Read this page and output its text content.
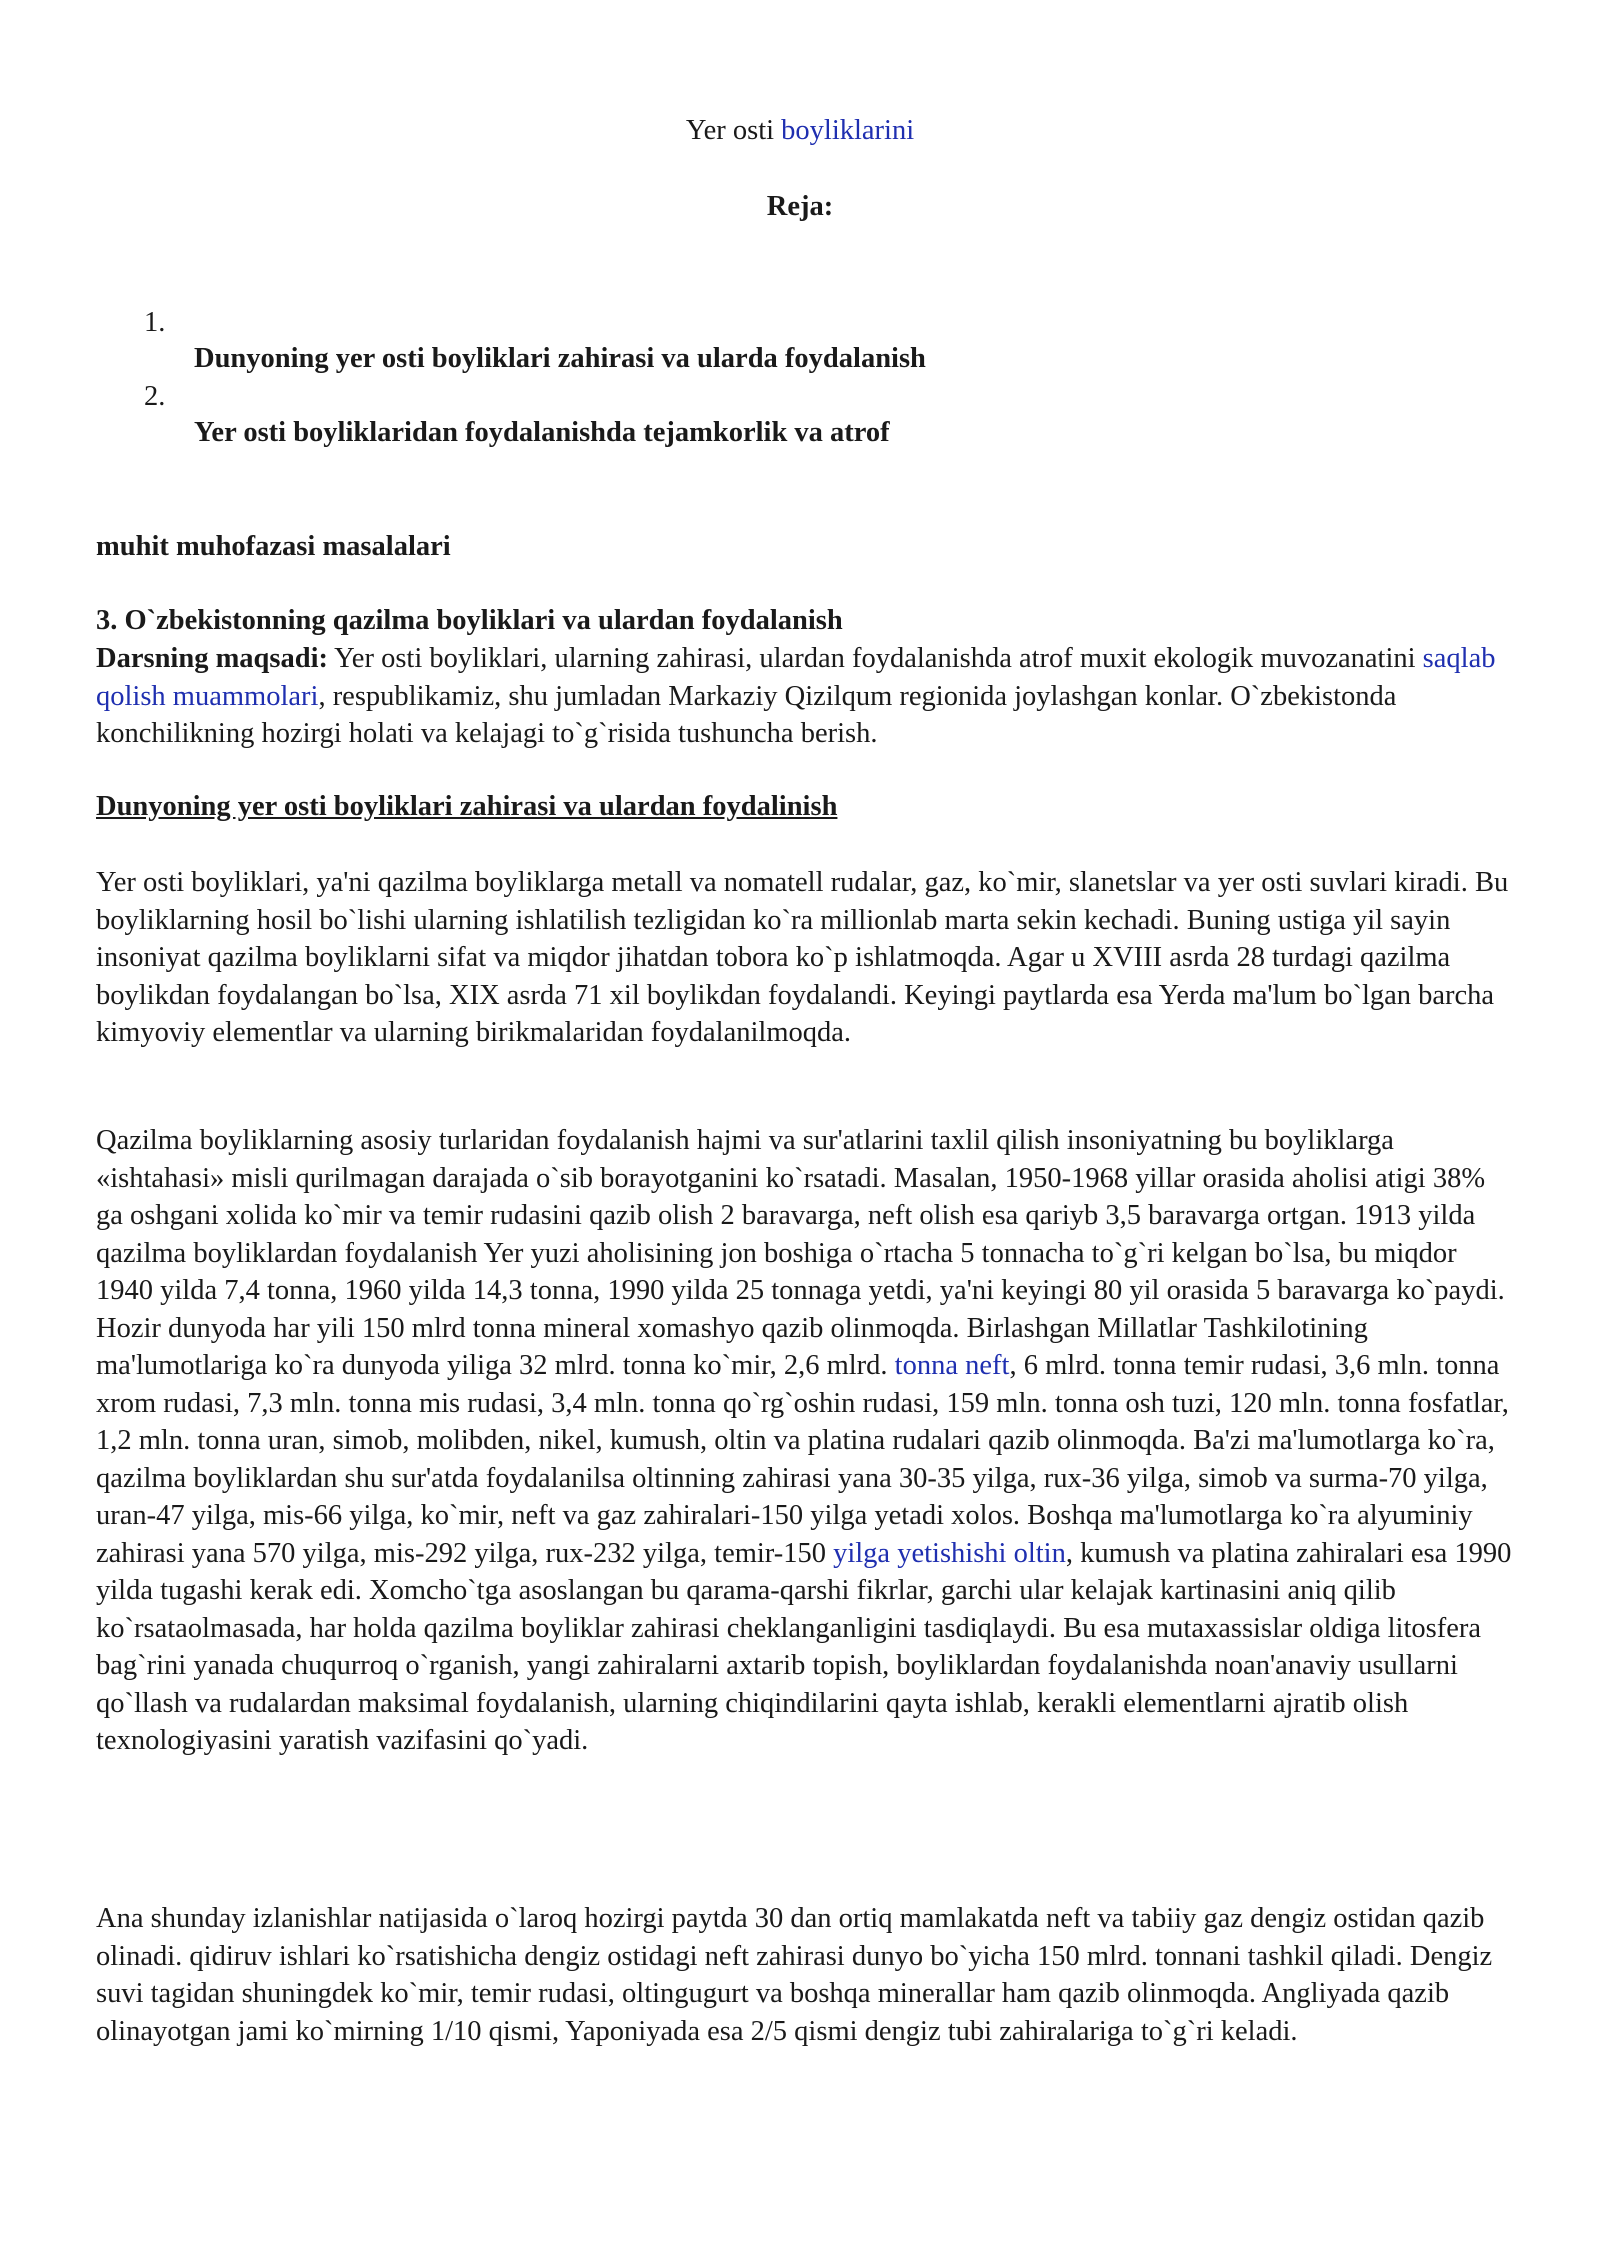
Yer osti boyliklarini
Reja:
1.
Dunyoning yer osti boyliklari zahirasi va ularda foydalanish
2.
Yer osti boyliklaridan foydalanishda tejamkorlik va atrof
muhit muhofazasi masalalari
3. O`zbekistonning qazilma boyliklari va ulardan foydalanish
Darsning maqsadi: Yer osti boyliklari, ularning zahirasi, ulardan foydalanishda atrof muxit ekologik muvozanatini saqlab qolish muammolari, respublikamiz, shu jumladan Markaziy Qizilqum regionida joylashgan konlar. O`zbekistonda konchilikning hozirgi holati va kelajagi to`g`risida tushuncha berish.
Dunyoning yer osti boyliklari zahirasi va ulardan foydalinish
Yer osti boyliklari, ya'ni qazilma boyliklarga metall va nomatell rudalar, gaz, ko`mir, slanetslar va yer osti suvlari kiradi. Bu boyliklarning hosil bo`lishi ularning ishlatilish tezligidan ko`ra millionlab marta sekin kechadi. Buning ustiga yil sayin insoniyat qazilma boyliklarni sifat va miqdor jihatdan tobora ko`p ishlatmoqda. Agar u XVIII asrda 28 turdagi qazilma boylikdan foydalangan bo`lsa, XIX asrda 71 xil boylikdan foydalandi. Keyingi paytlarda esa Yerda ma'lum bo`lgan barcha kimyoviy elementlar va ularning birikmalaridan foydalanilmoqda.
Qazilma boyliklarning asosiy turlaridan foydalanish hajmi va sur'atlarini taxlil qilish insoniyatning bu boyliklarga «ishtahasi» misli qurilmagan darajada o`sib borayotganini ko`rsatadi. Masalan, 1950-1968 yillar orasida aholisi atigi 38% ga oshgani xolida ko`mir va temir rudasini qazib olish 2 baravarga, neft olish esa qariyb 3,5 baravarga ortgan. 1913 yilda qazilma boyliklardan foydalanish Yer yuzi aholisining jon boshiga o`rtacha 5 tonnacha to`g`ri kelgan bo`lsa, bu miqdor 1940 yilda 7,4 tonna, 1960 yilda 14,3 tonna, 1990 yilda 25 tonnaga yetdi, ya'ni keyingi 80 yil orasida 5 baravarga ko`paydi. Hozir dunyoda har yili 150 mlrd tonna mineral xomashyo qazib olinmoqda. Birlashgan Millatlar Tashkilotining ma'lumotlariga ko`ra dunyoda yiliga 32 mlrd. tonna ko`mir, 2,6 mlrd. tonna neft, 6 mlrd. tonna temir rudasi, 3,6 mln. tonna xrom rudasi, 7,3 mln. tonna mis rudasi, 3,4 mln. tonna qo`rg`oshin rudasi, 159 mln. tonna osh tuzi, 120 mln. tonna fosfatlar, 1,2 mln. tonna uran, simob, molibden, nikel, kumush, oltin va platina rudalari qazib olinmoqda. Ba'zi ma'lumotlarga ko`ra, qazilma boyliklardan shu sur'atda foydalanilsa oltinning zahirasi yana 30-35 yilga, rux-36 yilga, simob va surma-70 yilga, uran-47 yilga, mis-66 yilga, ko`mir, neft va gaz zahiralari-150 yilga yetadi xolos. Boshqa ma'lumotlarga ko`ra alyuminiy zahirasi yana 570 yilga, mis-292 yilga, rux-232 yilga, temir-150 yilga yetishishi oltin, kumush va platina zahiralari esa 1990 yilda tugashi kerak edi. Xomcho`tga asoslangan bu qarama-qarshi fikrlar, garchi ular kelajak kartinasini aniq qilib ko`rsataolmasada, har holda qazilma boyliklar zahirasi cheklanganligini tasdiqlaydi. Bu esa mutaxassislar oldiga litosfera bag`rini yanada chuqurroq o`rganish, yangi zahiralarni axtarib topish, boyliklardan foydalanishda noan'anaviy usullarni qo`llash va rudalardan maksimal foydalanish, ularning chiqindilarini qayta ishlab, kerakli elementlarni ajratib olish texnologiyasini yaratish vazifasini qo`yadi.
Ana shunday izlanishlar natijasida o`laroq hozirgi paytda 30 dan ortiq mamlakatda neft va tabiiy gaz dengiz ostidan qazib olinadi. qidiruv ishlari ko`rsatishicha dengiz ostidagi neft zahirasi dunyo bo`yicha 150 mlrd. tonnani tashkil qiladi. Dengiz suvi tagidan shuningdek ko`mir, temir rudasi, oltingugurt va boshqa minerallar ham qazib olinmoqda. Angliyada qazib olinayotgan jami ko`mirning 1/10 qismi, Yaponiyada esa 2/5 qismi dengiz tubi zahiralariga to`g`ri keladi.
